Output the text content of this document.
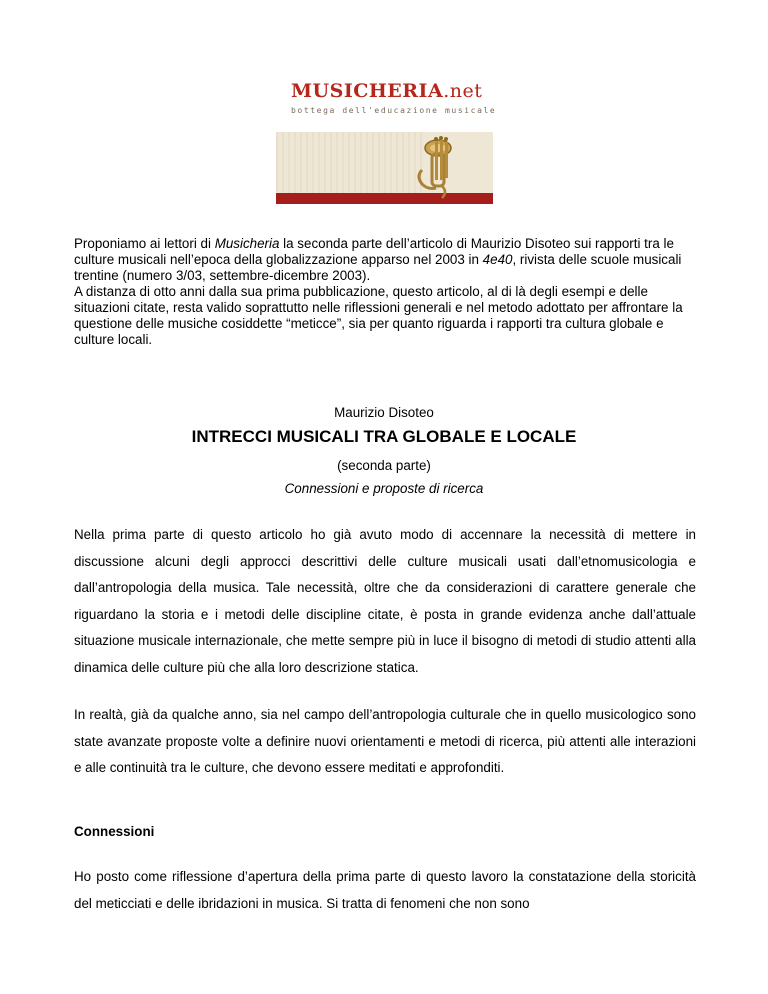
MUSICHERIA.net
bottega dell'educazione musicale

Proponiamo ai lettori di Musicheria la seconda parte dell’articolo di Maurizio Disoteo sui rapporti tra le culture musicali nell’epoca della globalizzazione apparso nel 2003 in 4e40, rivista delle scuole musicali trentine (numero 3/03, settembre-dicembre 2003).
A distanza di otto anni dalla sua prima pubblicazione, questo articolo, al di là degli esempi e delle situazioni citate, resta valido soprattutto nelle riflessioni generali e nel metodo adottato per affrontare la questione delle musiche cosiddette “meticce”, sia per quanto riguarda i rapporti tra cultura globale e culture locali.

Maurizio Disoteo
INTRECCI MUSICALI TRA GLOBALE E LOCALE
(seconda parte)
Connessioni e proposte di ricerca

Nella prima parte di questo articolo ho già avuto modo di accennare la necessità di mettere in discussione alcuni degli approcci descrittivi delle culture musicali usati dall’etnomusicologia e dall’antropologia della musica. Tale necessità, oltre che da considerazioni di carattere generale che riguardano la storia e i metodi delle discipline citate, è posta in grande evidenza anche dall’attuale situazione musicale internazionale, che mette sempre più in luce il bisogno di metodi di studio attenti alla dinamica delle culture più che alla loro descrizione statica.

In realtà, già da qualche anno, sia nel campo dell’antropologia culturale che in quello musicologico sono state avanzate proposte volte a definire nuovi orientamenti e metodi di ricerca, più attenti alle interazioni e alle continuità tra le culture, che devono essere meditati e approfonditi.

Connessioni

Ho posto come riflessione d’apertura della prima parte di questo lavoro la constatazione della storicità del meticciati e delle ibridazioni in musica. Si tratta di fenomeni che non sono
